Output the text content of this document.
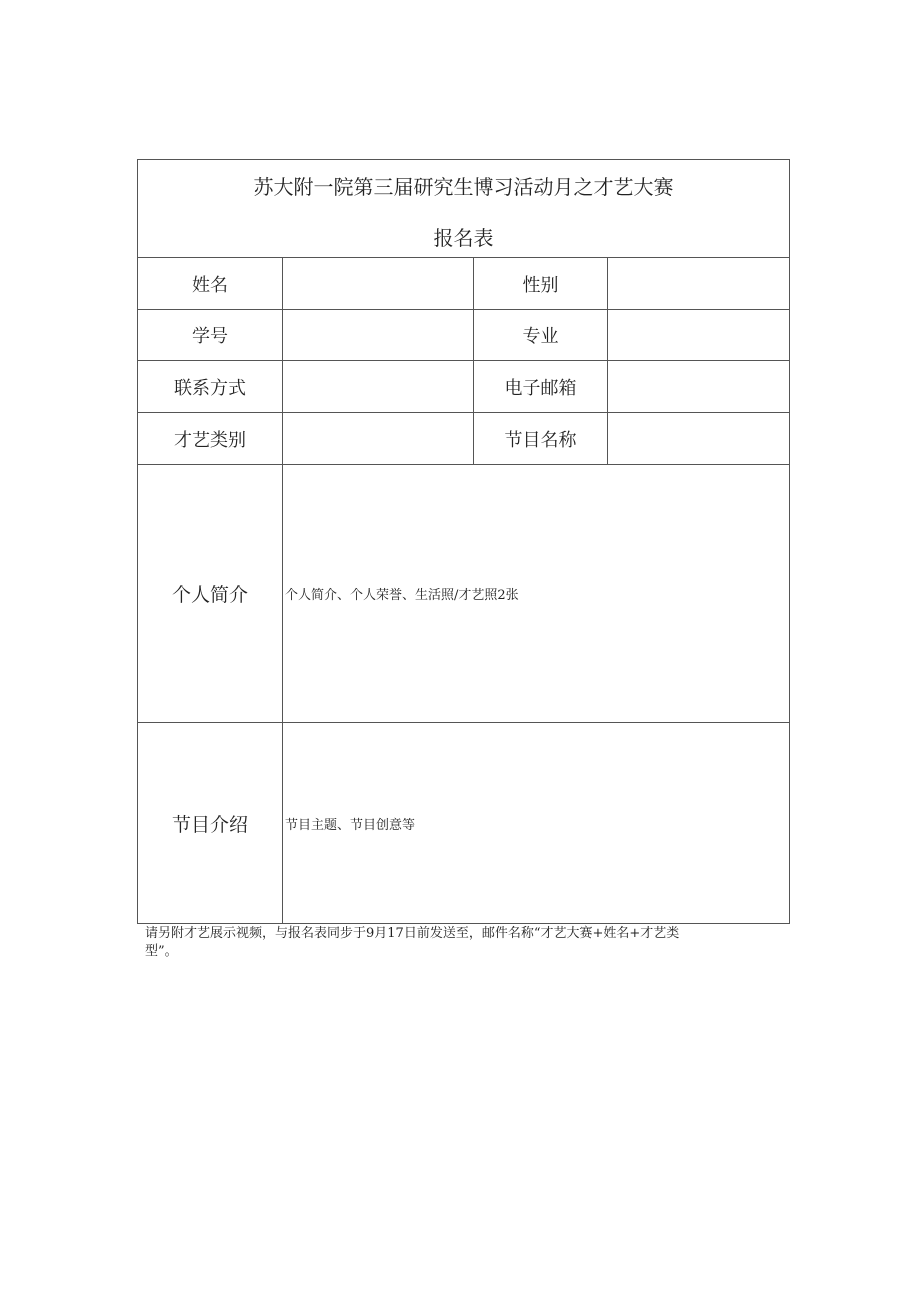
苏大附一院第三届研究生博习活动月之才艺大赛
报名表
姓名	性别
学号	专业
联系方式	电子邮箱
才艺类别	节目名称
个人简介	个人简介、个人荣誉、生活照/才艺照2张
节目介绍	节目主题、节目创意等
请另附才艺展示视频，与报名表同步于9月17日前发送至，邮件名称“才艺大赛+姓名+才艺类
型”。
